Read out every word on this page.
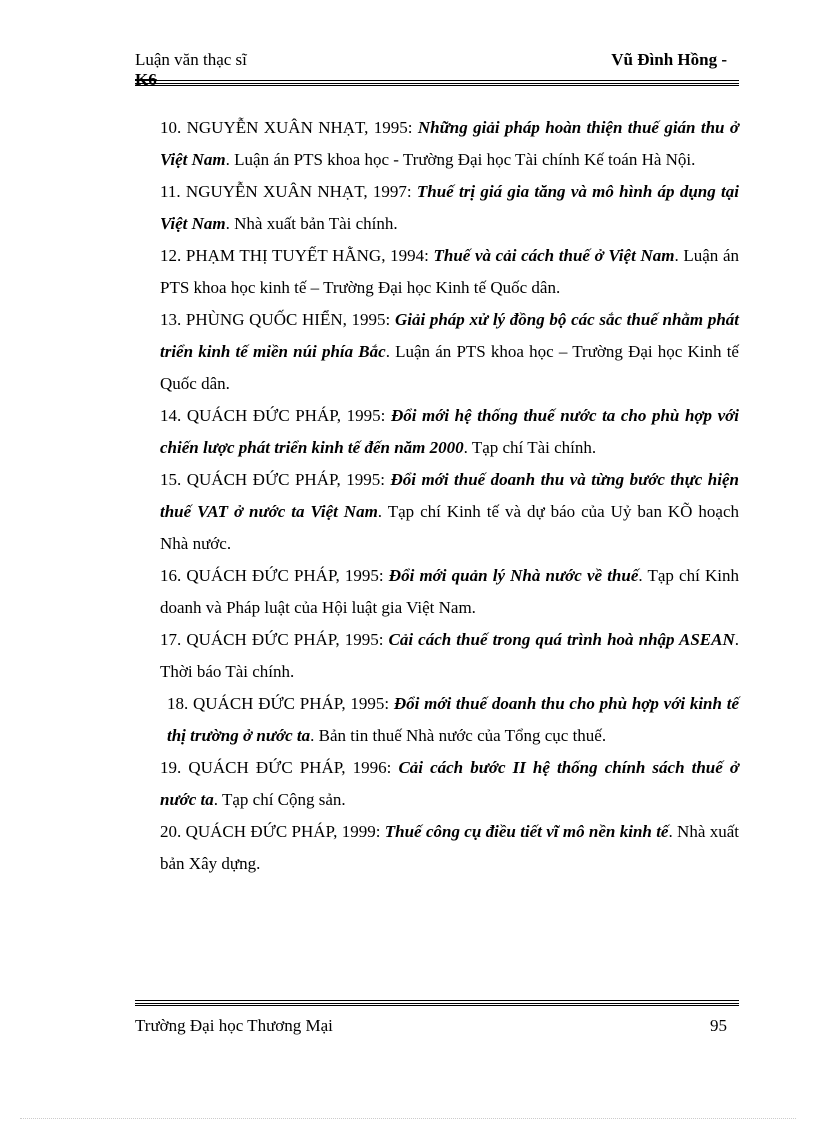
Luận văn thạc sĩ
K6
Vũ Đình Hồng -
10. NGUYỄN XUÂN NHẠT, 1995: Những giải pháp hoàn thiện thuế gián thu ở Việt Nam. Luận án PTS khoa học - Trường Đại học Tài chính Kế toán Hà Nội.
11. NGUYỄN XUÂN NHẠT, 1997: Thuế trị giá gia tăng và mô hình áp dụng tại Việt Nam. Nhà xuất bản Tài chính.
12. PHẠM THỊ TUYẾT HẰNG, 1994: Thuế và cải cách thuế ở Việt Nam. Luận án PTS khoa học kinh tế – Trường Đại học Kinh tế Quốc dân.
13. PHÙNG QUỐC HIỂN, 1995: Giải pháp xử lý đồng bộ các sắc thuế nhằm phát triển kinh tế miền núi phía Bắc. Luận án PTS khoa học – Trường Đại học Kinh tế Quốc dân.
14. QUÁCH ĐỨC PHÁP, 1995: Đổi mới hệ thống thuế nước ta cho phù hợp với chiến lược phát triển kinh tế đến năm 2000. Tạp chí Tài chính.
15. QUÁCH ĐỨC PHÁP, 1995: Đổi mới thuế doanh thu và từng bước thực hiện thuế VAT ở nước ta Việt Nam. Tạp chí Kinh tế và dự báo của Uỷ ban KÕ hoạch Nhà nước.
16. QUÁCH ĐỨC PHÁP, 1995: Đổi mới quản lý Nhà nước về thuế. Tạp chí Kinh doanh và Pháp luật của Hội luật gia Việt Nam.
17. QUÁCH ĐỨC PHÁP, 1995: Cải cách thuế trong quá trình hoà nhập ASEAN. Thời báo Tài chính.
18. QUÁCH ĐỨC PHÁP, 1995: Đổi mới thuế doanh thu cho phù hợp với kinh tế thị trường ở nước ta. Bản tin thuế Nhà nước của Tổng cục thuế.
19. QUÁCH ĐỨC PHÁP, 1996: Cải cách bước II hệ thống chính sách thuế ở nước ta. Tạp chí Cộng sản.
20. QUÁCH ĐỨC PHÁP, 1999: Thuế công cụ điều tiết vĩ mô nền kinh tế. Nhà xuất bản Xây dựng.
Trường Đại học Thương Mại	95
